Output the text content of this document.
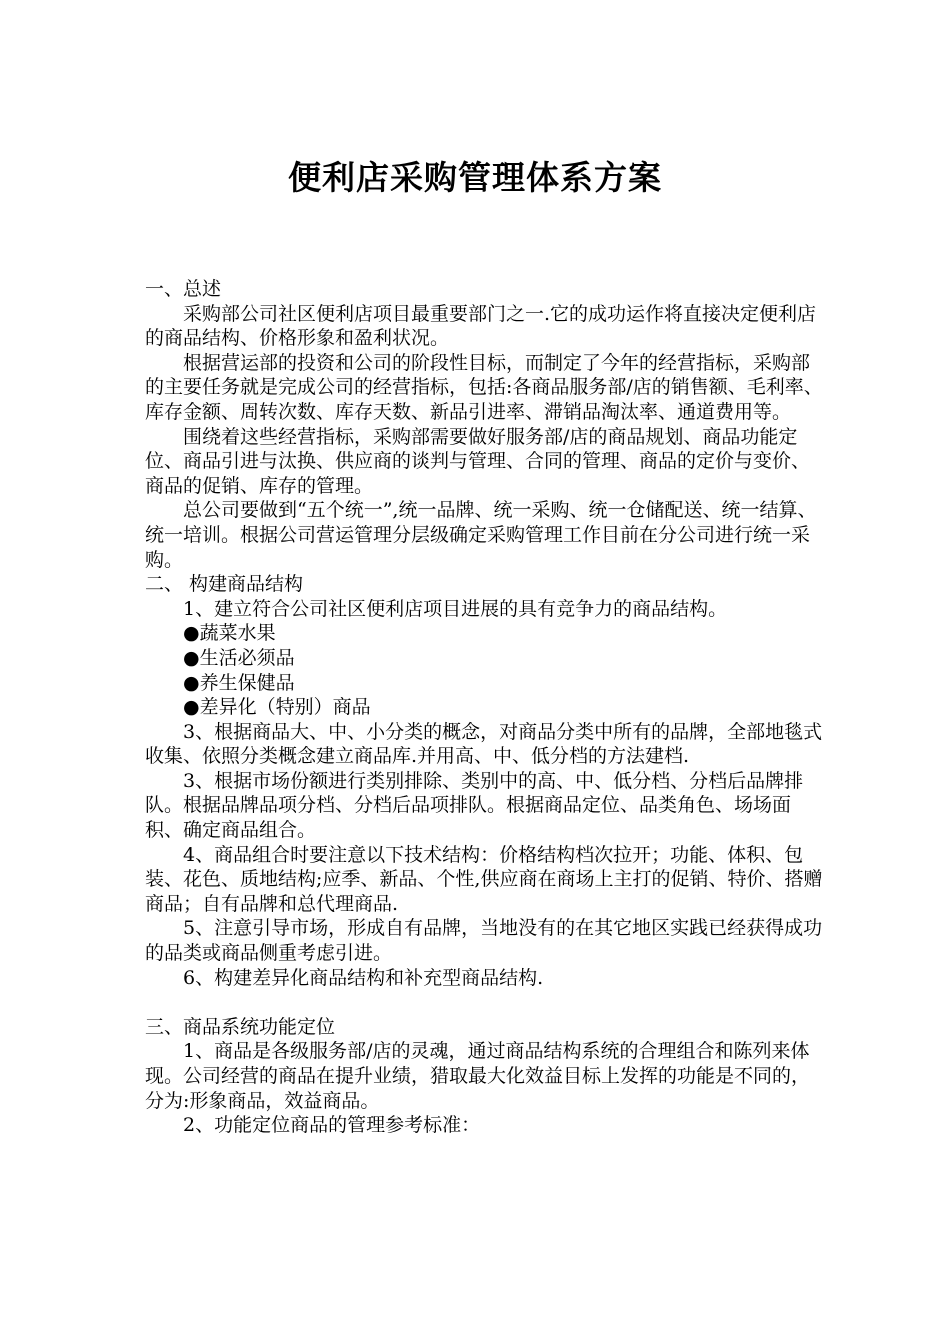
便利店采购管理体系方案

一、总述

采购部公司社区便利店项目最重要部门之一.它的成功运作将直接决定便利店的商品结构、价格形象和盈利状况。

根据营运部的投资和公司的阶段性目标，而制定了今年的经营指标，采购部的主要任务就是完成公司的经营指标，包括:各商品服务部/店的销售额、毛利率、库存金额、周转次数、库存天数、新品引进率、滞销品淘汰率、通道费用等。

围绕着这些经营指标，采购部需要做好服务部/店的商品规划、商品功能定位、商品引进与汰换、供应商的谈判与管理、合同的管理、商品的定价与变价、商品的促销、库存的管理。

总公司要做到“五个统一”,统一品牌、统一采购、统一仓储配送、统一结算、统一培训。根据公司营运管理分层级确定采购管理工作目前在分公司进行统一采购。

二、 构建商品结构

1、建立符合公司社区便利店项目进展的具有竞争力的商品结构。

●蔬菜水果

●生活必须品

●养生保健品

●差异化（特别）商品

3、根据商品大、中、小分类的概念，对商品分类中所有的品牌，全部地毯式收集、依照分类概念建立商品库.并用高、中、低分档的方法建档.

3、根据市场份额进行类别排除、类别中的高、中、低分档、分档后品牌排队。根据品牌品项分档、分档后品项排队。根据商品定位、品类角色、场场面积、确定商品组合。

4、商品组合时要注意以下技术结构：价格结构档次拉开；功能、体积、包装、花色、质地结构;应季、新品、个性,供应商在商场上主打的促销、特价、搭赠商品；自有品牌和总代理商品.

5、注意引导市场，形成自有品牌，当地没有的在其它地区实践已经获得成功的品类或商品侧重考虑引进。

6、构建差异化商品结构和补充型商品结构.

三、商品系统功能定位

1、商品是各级服务部/店的灵魂，通过商品结构系统的合理组合和陈列来体现。公司经营的商品在提升业绩，猎取最大化效益目标上发挥的功能是不同的，分为:形象商品，效益商品。

2、功能定位商品的管理参考标准：
